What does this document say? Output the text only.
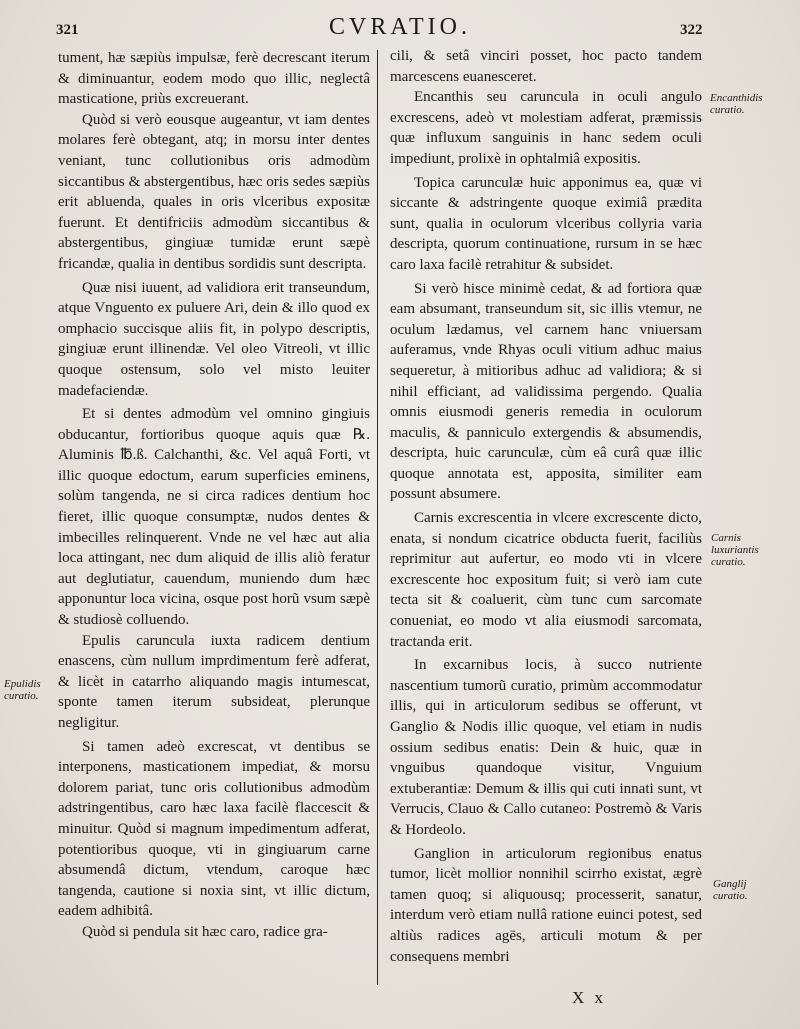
321	CVRATIO.	322

tument, hæ sæpiùs impulsæ, ferè decrescant iterum & diminuantur, eodem modo quo illic, neglectâ masticatione, priùs excreuerant.

Quòd si verò eousque augeantur, vt iam dentes molares ferè obtegant, atq; in morsu inter dentes veniant, tunc collutionibus oris admodùm siccantibus & abstergentibus, hæc oris sedes sæpiùs erit abluenda, quales in oris vlceribus expositæ fuerunt. Et dentifriciis admodùm siccantibus & abstergentibus, gingiuæ tumidæ erunt sæpè fricandæ, qualia in dentibus sordidis sunt descripta.

Quæ nisi iuuent, ad validiora erit transeundum, atque Vnguento ex puluere Ari, dein & illo quod ex omphacio succisque aliis fit, in polypo descriptis, gingiuæ erunt illinendæ. Vel oleo Vitreoli, vt illic quoque ostensum, solo vel misto leuiter madefaciendæ.

Et si dentes admodùm vel omnino gingiuis obducantur, fortioribus quoque aquis quæ ℞. Aluminis ℔.ß. Calchanthi, &c. Vel aquâ Forti, vt illic quoque edoctum, earum superficies eminens, solùm tangenda, ne si circa radices dentium hoc fieret, illic quoque consumptæ, nudos dentes & imbecilles relinquerent. Vnde ne vel hæc aut alia loca attingant, nec dum aliquid de illis aliò feratur aut deglutiatur, cauendum, muniendo dum hæc apponuntur loca vicina, osque post horũ vsum sæpè & studiosè colluendo.

Epulis caruncula iuxta radicem dentium enascens, cùm nullum imprdimentum ferè adferat, & licèt in catarrho aliquando magis intumescat, sponte tamen iterum subsideat, plerunque negligitur.

Si tamen adeò excrescat, vt dentibus se interponens, masticationem impediat, & morsu dolorem pariat, tunc oris collutionibus admodùm adstringentibus, caro hæc laxa facilè flaccescit & minuitur. Quòd si magnum impedimentum adferat, potentioribus quoque, vti in gingiuarum carne absumendâ dictum, vtendum, caroque hæc tangenda, cautione si noxia sint, vt illic dictum, eadem adhibitâ.

Quòd si pendula sit hæc caro, radice gra-

cili, & setâ vinciri posset, hoc pacto tandem marcescens euanesceret.

Encanthis seu caruncula in oculi angulo excrescens, adeò vt molestiam adferat, præmissis quæ influxum sanguinis in hanc sedem oculi impediunt, prolixè in ophtalmiâ expositis.

Topica carunculæ huic apponimus ea, quæ vi siccante & adstringente quoque eximiâ prædita sunt, qualia in oculorum vlceribus collyria varia descripta, quorum continuatione, rursum in se hæc caro laxa facilè retrahitur & subsidet.

Si verò hisce minimè cedat, & ad fortiora quæ eam absumant, transeundum sit, sic illis vtemur, ne oculum lædamus, vel carnem hanc vniuersam auferamus, vnde Rhyas oculi vitium adhuc maius sequeretur, à mitioribus adhuc ad validiora; & si nihil efficiant, ad validissima pergendo. Qualia omnis eiusmodi generis remedia in oculorum maculis, & panniculo extergendis & absumendis, descripta, huic carunculæ, cùm eâ curâ quæ illic quoque annotata est, apposita, similiter eam possunt absumere.

Carnis excrescentia in vlcere excrescente dicto, enata, si nondum cicatrice obducta fuerit, faciliùs reprimitur aut aufertur, eo modo vti in vlcere excrescente hoc expositum fuit; si verò iam cute tecta sit & coaluerit, cùm tunc cum sarcomate conueniat, eo modo vt alia eiusmodi sarcomata, tractanda erit.

In excarnibus locis, à succo nutriente nascentium tumorũ curatio, primùm accommodatur illis, qui in articulorum sedibus se offerunt, vt Ganglio & Nodis illic quoque, vel etiam in nudis ossium sedibus enatis: Dein & huic, quæ in vnguibus quandoque visitur, Vnguium extuberantiæ: Demum & illis qui cuti innati sunt, vt Verrucis, Clauo & Callo cutaneo: Postremò & Varis & Hordeolo.

Ganglion in articulorum regionibus enatus tumor, licèt mollior nonnihil scirrho existat, ægrè tamen quoq; si aliquousq; processerit, sanatur, interdum verò etiam nullâ ratione euinci potest, sed altiùs radices agēs, articuli motum & per consequens membri

Epulidis curatio.
Encanthidis curatio.
Carnis luxuriantis curatio.
Ganglij curatio.
X x
